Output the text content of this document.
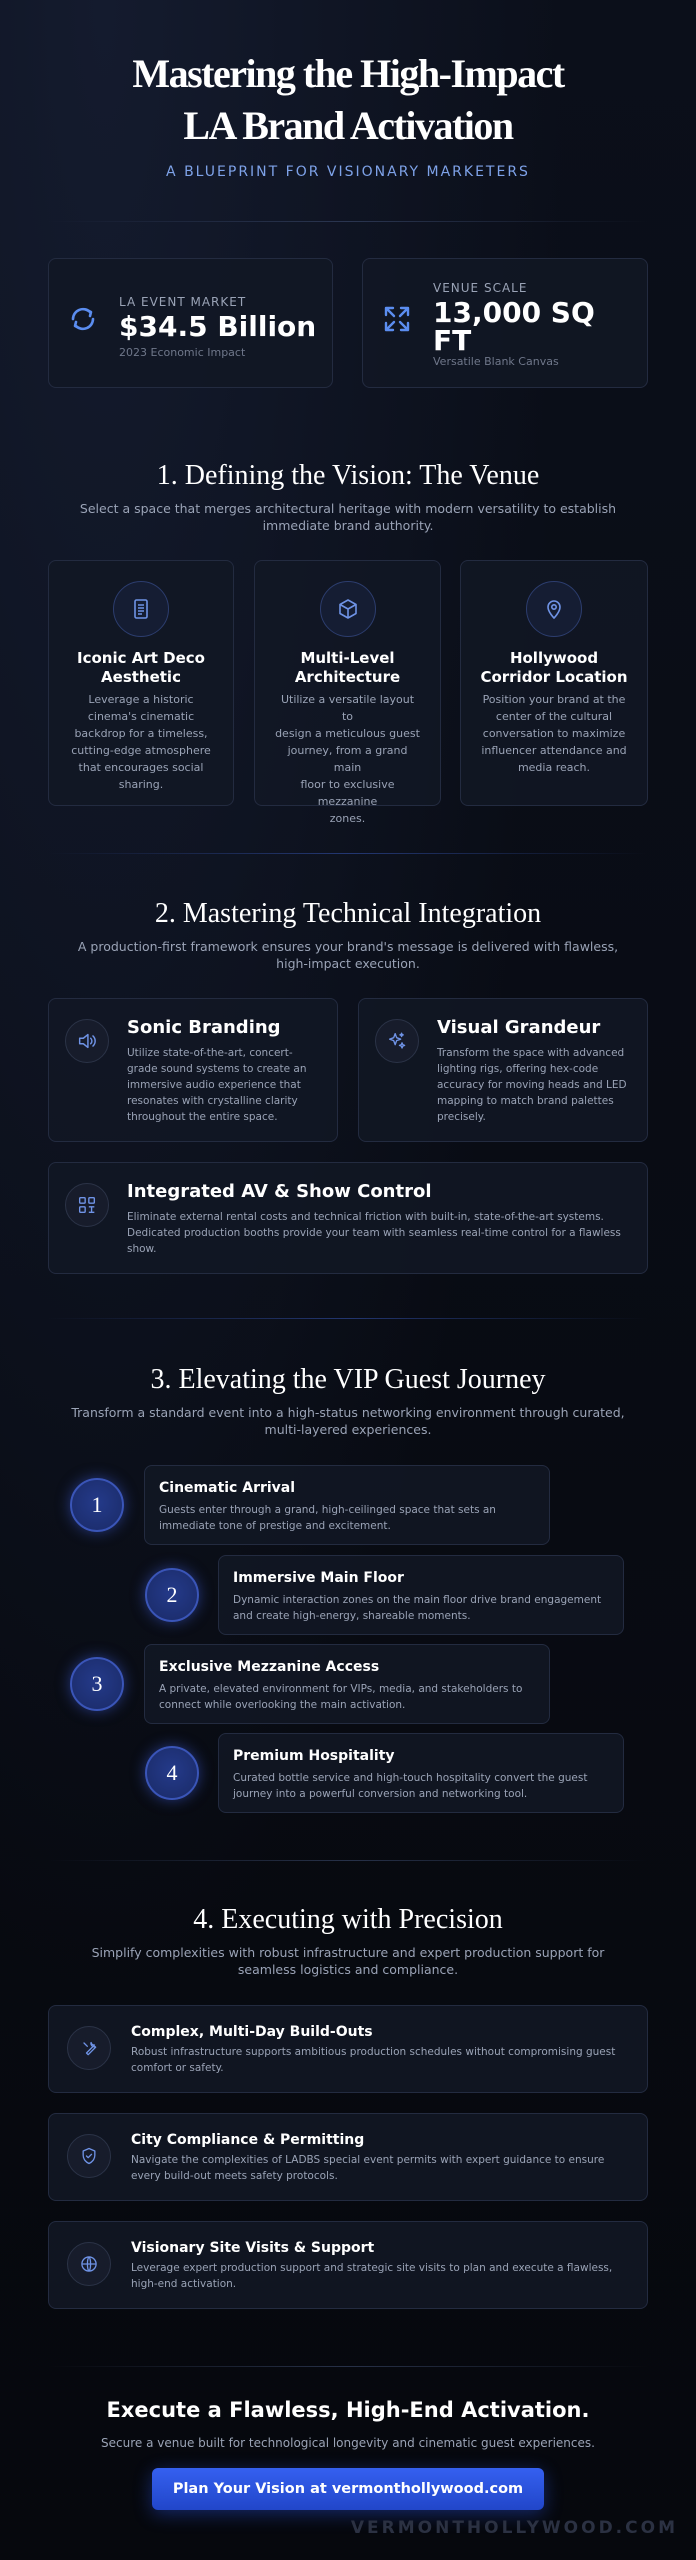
Mastering the High-Impact
LA Brand Activation
A BLUEPRINT FOR VISIONARY MARKETERS
LA EVENT MARKET
$34.5 Billion
2023 Economic Impact
VENUE SCALE
13,000 SQ
FT
Versatile Blank Canvas
1. Defining the Vision: The Venue
Select a space that merges architectural heritage with modern versatility to establish
immediate brand authority.
Iconic Art Deco
Aesthetic

Leverage a historic
cinema's cinematic
backdrop for a timeless,
cutting-edge atmosphere
that encourages social
sharing.

Multi-Level
Architecture

Utilize a versatile layout to
design a meticulous guest
journey, from a grand main
floor to exclusive mezzanine
zones.

Hollywood
Corridor Location

Position your brand at the
center of the cultural
conversation to maximize
influencer attendance and
media reach.

2. Mastering Technical Integration
A production-first framework ensures your brand's message is delivered with flawless,
high-impact execution.
Sonic Branding

Utilize state-of-the-art, concert-
grade sound systems to create an
immersive audio experience that
resonates with crystalline clarity
throughout the entire space.

Visual Grandeur

Transform the space with advanced
lighting rigs, offering hex-code
accuracy for moving heads and LED
mapping to match brand palettes
precisely.

Integrated AV & Show Control

Eliminate external rental costs and technical friction with built-in, state-of-the-art systems.
Dedicated production booths provide your team with seamless real-time control for a flawless
show.

3. Elevating the VIP Guest Journey
Transform a standard event into a high-status networking environment through curated,
multi-layered experiences.
1
Cinematic Arrival

Guests enter through a grand, high-ceilinged space that sets an
immediate tone of prestige and excitement.

2
Immersive Main Floor

Dynamic interaction zones on the main floor drive brand engagement
and create high-energy, shareable moments.

3
Exclusive Mezzanine Access

A private, elevated environment for VIPs, media, and stakeholders to
connect while overlooking the main activation.

4
Premium Hospitality

Curated bottle service and high-touch hospitality convert the guest
journey into a powerful conversion and networking tool.

4. Executing with Precision
Simplify complexities with robust infrastructure and expert production support for
seamless logistics and compliance.
Complex, Multi-Day Build-Outs

Robust infrastructure supports ambitious production schedules without compromising guest
comfort or safety.

City Compliance & Permitting

Navigate the complexities of LADBS special event permits with expert guidance to ensure
every build-out meets safety protocols.

Visionary Site Visits & Support

Leverage expert production support and strategic site visits to plan and execute a flawless,
high-end activation.

Execute a Flawless, High-End Activation.
Secure a venue built for technological longevity and cinematic guest experiences.
Plan Your Vision at vermonthollywood.com
VERMONTHOLLYWOOD.COM
